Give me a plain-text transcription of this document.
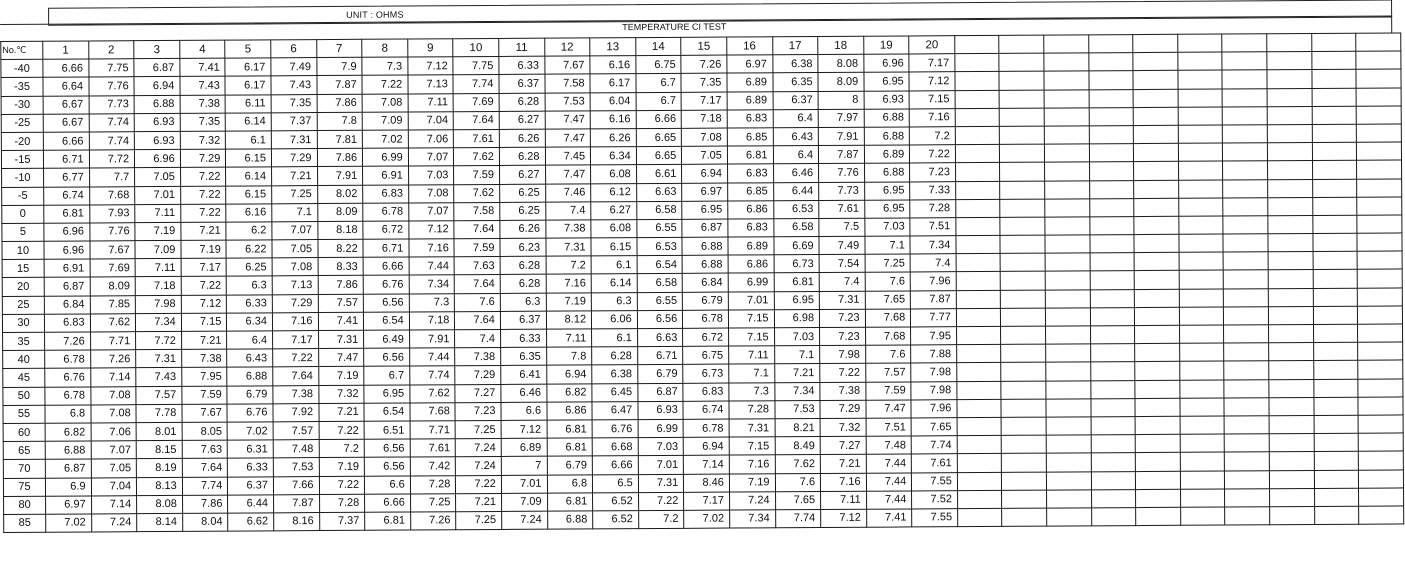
UNIT : OHMS
TEMPERATURE CI TEST
No.℃	1	2	3	4	5	6	7	8	9	10	11	12	13	14	15	16	17	18	19	20										
-40	6.66	7.75	6.87	7.41	6.17	7.49	7.9	7.3	7.12	7.75	6.33	7.67	6.16	6.75	7.26	6.97	6.38	8.08	6.96	7.17										
-35	6.64	7.76	6.94	7.43	6.17	7.43	7.87	7.22	7.13	7.74	6.37	7.58	6.17	6.7	7.35	6.89	6.35	8.09	6.95	7.12										
-30	6.67	7.73	6.88	7.38	6.11	7.35	7.86	7.08	7.11	7.69	6.28	7.53	6.04	6.7	7.17	6.89	6.37	8	6.93	7.15										
-25	6.67	7.74	6.93	7.35	6.14	7.37	7.8	7.09	7.04	7.64	6.27	7.47	6.16	6.66	7.18	6.83	6.4	7.97	6.88	7.16										
-20	6.66	7.74	6.93	7.32	6.1	7.31	7.81	7.02	7.06	7.61	6.26	7.47	6.26	6.65	7.08	6.85	6.43	7.91	6.88	7.2										
-15	6.71	7.72	6.96	7.29	6.15	7.29	7.86	6.99	7.07	7.62	6.28	7.45	6.34	6.65	7.05	6.81	6.4	7.87	6.89	7.22										
-10	6.77	7.7	7.05	7.22	6.14	7.21	7.91	6.91	7.03	7.59	6.27	7.47	6.08	6.61	6.94	6.83	6.46	7.76	6.88	7.23										
-5	6.74	7.68	7.01	7.22	6.15	7.25	8.02	6.83	7.08	7.62	6.25	7.46	6.12	6.63	6.97	6.85	6.44	7.73	6.95	7.33										
0	6.81	7.93	7.11	7.22	6.16	7.1	8.09	6.78	7.07	7.58	6.25	7.4	6.27	6.58	6.95	6.86	6.53	7.61	6.95	7.28										
5	6.96	7.76	7.19	7.21	6.2	7.07	8.18	6.72	7.12	7.64	6.26	7.38	6.08	6.55	6.87	6.83	6.58	7.5	7.03	7.51										
10	6.96	7.67	7.09	7.19	6.22	7.05	8.22	6.71	7.16	7.59	6.23	7.31	6.15	6.53	6.88	6.89	6.69	7.49	7.1	7.34										
15	6.91	7.69	7.11	7.17	6.25	7.08	8.33	6.66	7.44	7.63	6.28	7.2	6.1	6.54	6.88	6.86	6.73	7.54	7.25	7.4										
20	6.87	8.09	7.18	7.22	6.3	7.13	7.86	6.76	7.34	7.64	6.28	7.16	6.14	6.58	6.84	6.99	6.81	7.4	7.6	7.96										
25	6.84	7.85	7.98	7.12	6.33	7.29	7.57	6.56	7.3	7.6	6.3	7.19	6.3	6.55	6.79	7.01	6.95	7.31	7.65	7.87										
30	6.83	7.62	7.34	7.15	6.34	7.16	7.41	6.54	7.18	7.64	6.37	8.12	6.06	6.56	6.78	7.15	6.98	7.23	7.68	7.77										
35	7.26	7.71	7.72	7.21	6.4	7.17	7.31	6.49	7.91	7.4	6.33	7.11	6.1	6.63	6.72	7.15	7.03	7.23	7.68	7.95										
40	6.78	7.26	7.31	7.38	6.43	7.22	7.47	6.56	7.44	7.38	6.35	7.8	6.28	6.71	6.75	7.11	7.1	7.98	7.6	7.88										
45	6.76	7.14	7.43	7.95	6.88	7.64	7.19	6.7	7.74	7.29	6.41	6.94	6.38	6.79	6.73	7.1	7.21	7.22	7.57	7.98										
50	6.78	7.08	7.57	7.59	6.79	7.38	7.32	6.95	7.62	7.27	6.46	6.82	6.45	6.87	6.83	7.3	7.34	7.38	7.59	7.98										
55	6.8	7.08	7.78	7.67	6.76	7.92	7.21	6.54	7.68	7.23	6.6	6.86	6.47	6.93	6.74	7.28	7.53	7.29	7.47	7.96										
60	6.82	7.06	8.01	8.05	7.02	7.57	7.22	6.51	7.71	7.25	7.12	6.81	6.76	6.99	6.78	7.31	8.21	7.32	7.51	7.65										
65	6.88	7.07	8.15	7.63	6.31	7.48	7.2	6.56	7.61	7.24	6.89	6.81	6.68	7.03	6.94	7.15	8.49	7.27	7.48	7.74										
70	6.87	7.05	8.19	7.64	6.33	7.53	7.19	6.56	7.42	7.24	7	6.79	6.66	7.01	7.14	7.16	7.62	7.21	7.44	7.61										
75	6.9	7.04	8.13	7.74	6.37	7.66	7.22	6.6	7.28	7.22	7.01	6.8	6.5	7.31	8.46	7.19	7.6	7.16	7.44	7.55										
80	6.97	7.14	8.08	7.86	6.44	7.87	7.28	6.66	7.25	7.21	7.09	6.81	6.52	7.22	7.17	7.24	7.65	7.11	7.44	7.52										
85	7.02	7.24	8.14	8.04	6.62	8.16	7.37	6.81	7.26	7.25	7.24	6.88	6.52	7.2	7.02	7.34	7.74	7.12	7.41	7.55										
